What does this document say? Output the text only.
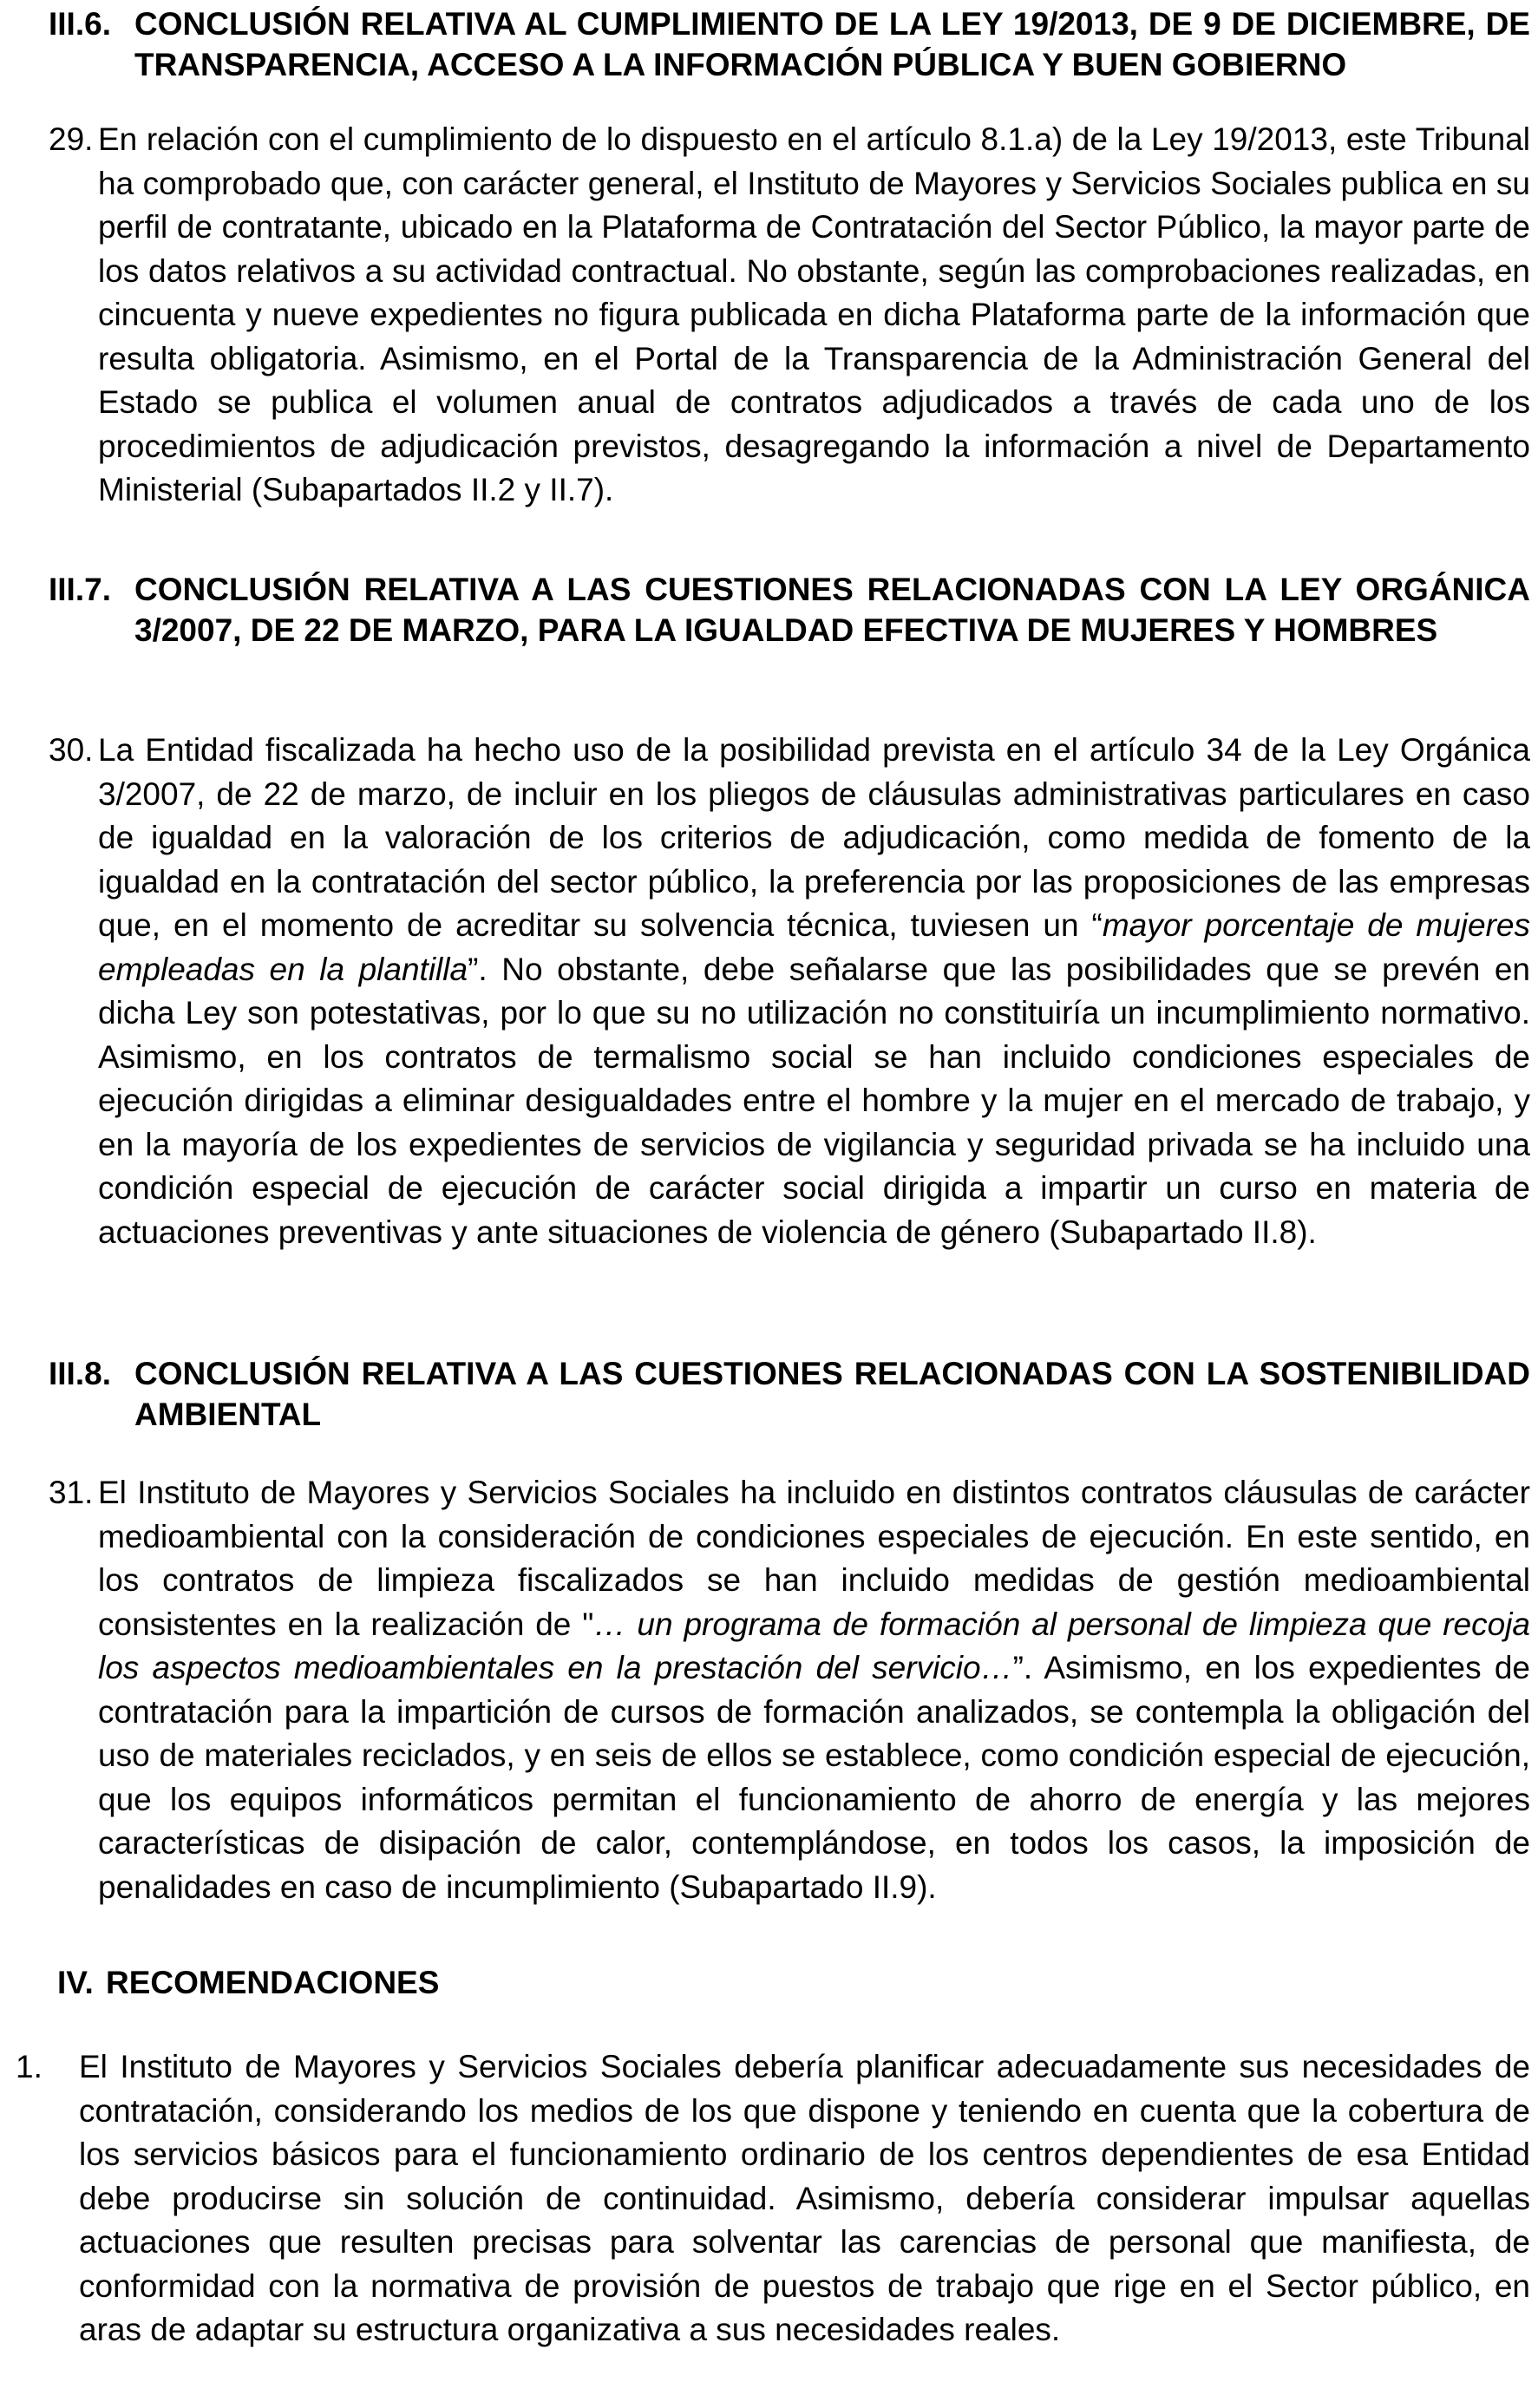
III.6. CONCLUSIÓN RELATIVA AL CUMPLIMIENTO DE LA LEY 19/2013, DE 9 DE DICIEMBRE, DE TRANSPARENCIA, ACCESO A LA INFORMACIÓN PÚBLICA Y BUEN GOBIERNO
29. En relación con el cumplimiento de lo dispuesto en el artículo 8.1.a) de la Ley 19/2013, este Tribunal ha comprobado que, con carácter general, el Instituto de Mayores y Servicios Sociales publica en su perfil de contratante, ubicado en la Plataforma de Contratación del Sector Público, la mayor parte de los datos relativos a su actividad contractual. No obstante, según las comprobaciones realizadas, en cincuenta y nueve expedientes no figura publicada en dicha Plataforma parte de la información que resulta obligatoria. Asimismo, en el Portal de la Transparencia de la Administración General del Estado se publica el volumen anual de contratos adjudicados a través de cada uno de los procedimientos de adjudicación previstos, desagregando la información a nivel de Departamento Ministerial (Subapartados II.2 y II.7).
III.7. CONCLUSIÓN RELATIVA A LAS CUESTIONES RELACIONADAS CON LA LEY ORGÁNICA 3/2007, DE 22 DE MARZO, PARA LA IGUALDAD EFECTIVA DE MUJERES Y HOMBRES
30. La Entidad fiscalizada ha hecho uso de la posibilidad prevista en el artículo 34 de la Ley Orgánica 3/2007, de 22 de marzo, de incluir en los pliegos de cláusulas administrativas particulares en caso de igualdad en la valoración de los criterios de adjudicación, como medida de fomento de la igualdad en la contratación del sector público, la preferencia por las proposiciones de las empresas que, en el momento de acreditar su solvencia técnica, tuviesen un “mayor porcentaje de mujeres empleadas en la plantilla”. No obstante, debe señalarse que las posibilidades que se prevén en dicha Ley son potestativas, por lo que su no utilización no constituiría un incumplimiento normativo. Asimismo, en los contratos de termalismo social se han incluido condiciones especiales de ejecución dirigidas a eliminar desigualdades entre el hombre y la mujer en el mercado de trabajo, y en la mayoría de los expedientes de servicios de vigilancia y seguridad privada se ha incluido una condición especial de ejecución de carácter social dirigida a impartir un curso en materia de actuaciones preventivas y ante situaciones de violencia de género (Subapartado II.8).
III.8. CONCLUSIÓN RELATIVA A LAS CUESTIONES RELACIONADAS CON LA SOSTENIBILIDAD AMBIENTAL
31. El Instituto de Mayores y Servicios Sociales ha incluido en distintos contratos cláusulas de carácter medioambiental con la consideración de condiciones especiales de ejecución. En este sentido, en los contratos de limpieza fiscalizados se han incluido medidas de gestión medioambiental consistentes en la realización de "… un programa de formación al personal de limpieza que recoja los aspectos medioambientales en la prestación del servicio…”. Asimismo, en los expedientes de contratación para la impartición de cursos de formación analizados, se contempla la obligación del uso de materiales reciclados, y en seis de ellos se establece, como condición especial de ejecución, que los equipos informáticos permitan el funcionamiento de ahorro de energía y las mejores características de disipación de calor, contemplándose, en todos los casos, la imposición de penalidades en caso de incumplimiento (Subapartado II.9).
IV. RECOMENDACIONES
1.	El Instituto de Mayores y Servicios Sociales debería planificar adecuadamente sus necesidades de contratación, considerando los medios de los que dispone y teniendo en cuenta que la cobertura de los servicios básicos para el funcionamiento ordinario de los centros dependientes de esa Entidad debe producirse sin solución de continuidad. Asimismo, debería considerar impulsar aquellas actuaciones que resulten precisas para solventar las carencias de personal que manifiesta, de conformidad con la normativa de provisión de puestos de trabajo que rige en el Sector público, en aras de adaptar su estructura organizativa a sus necesidades reales.
